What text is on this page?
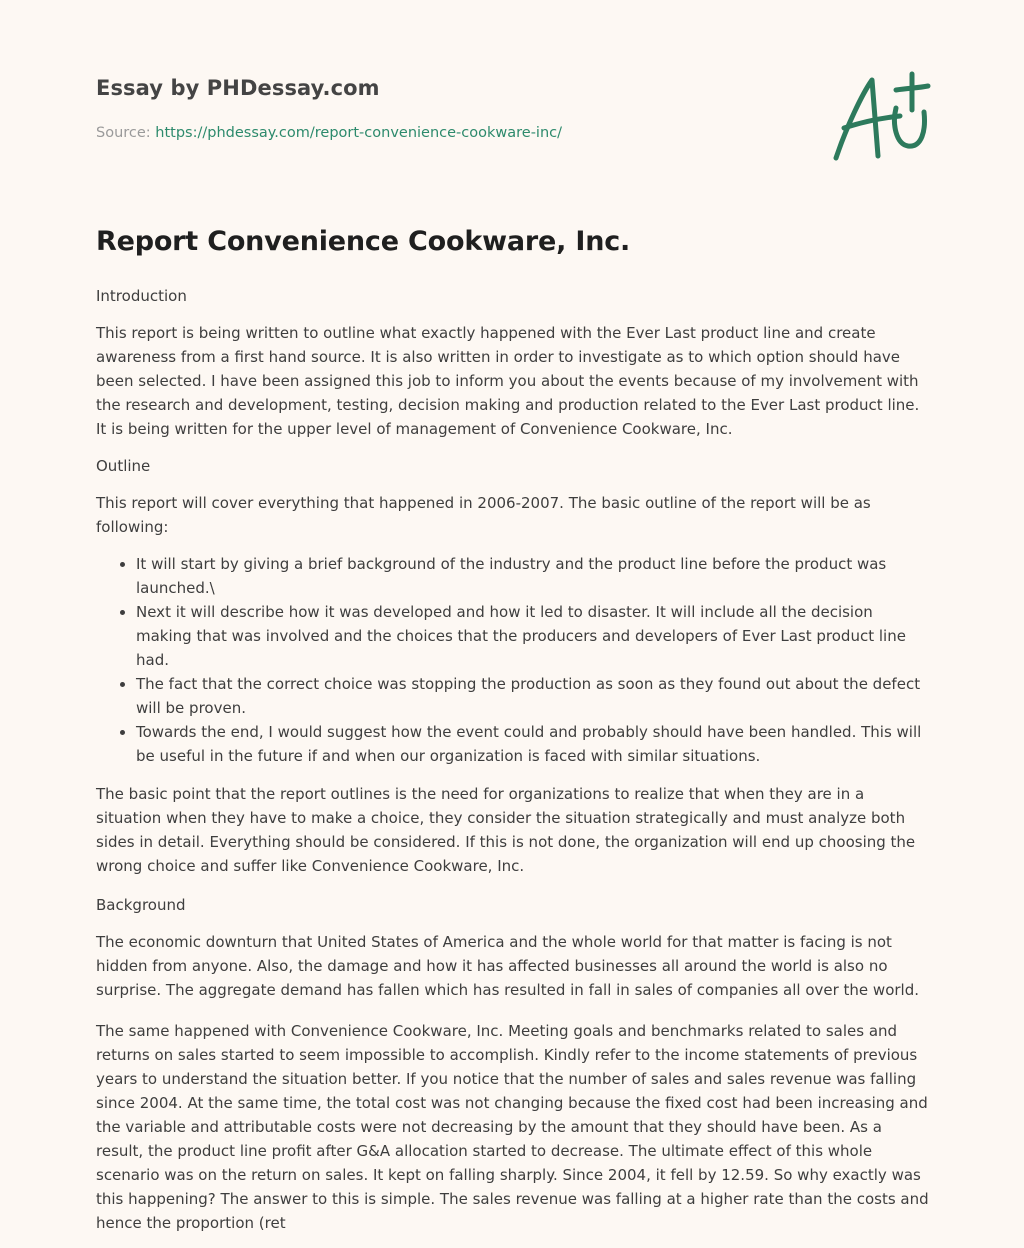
Essay by PHDessay.com
Source: https://phdessay.com/report-convenience-cookware-inc/
Report Convenience Cookware, Inc.

Introduction

This report is being written to outline what exactly happened with the Ever Last product line and create awareness from a first hand source. It is also written in order to investigate as to which option should have been selected. I have been assigned this job to inform you about the events because of my involvement with the research and development, testing, decision making and production related to the Ever Last product line. It is being written for the upper level of management of Convenience Cookware, Inc.

Outline

This report will cover everything that happened in 2006-2007. The basic outline of the report will be as following:

• It will start by giving a brief background of the industry and the product line before the product was launched.\
• Next it will describe how it was developed and how it led to disaster. It will include all the decision making that was involved and the choices that the producers and developers of Ever Last product line had.
• The fact that the correct choice was stopping the production as soon as they found out about the defect will be proven.
• Towards the end, I would suggest how the event could and probably should have been handled. This will be useful in the future if and when our organization is faced with similar situations.

The basic point that the report outlines is the need for organizations to realize that when they are in a situation when they have to make a choice, they consider the situation strategically and must analyze both sides in detail. Everything should be considered. If this is not done, the organization will end up choosing the wrong choice and suffer like Convenience Cookware, Inc.

Background

The economic downturn that United States of America and the whole world for that matter is facing is not hidden from anyone. Also, the damage and how it has affected businesses all around the world is also no surprise. The aggregate demand has fallen which has resulted in fall in sales of companies all over the world.

The same happened with Convenience Cookware, Inc. Meeting goals and benchmarks related to sales and returns on sales started to seem impossible to accomplish. Kindly refer to the income statements of previous years to understand the situation better. If you notice that the number of sales and sales revenue was falling since 2004. At the same time, the total cost was not changing because the fixed cost had been increasing and the variable and attributable costs were not decreasing by the amount that they should have been. As a result, the product line profit after G&A allocation started to decrease. The ultimate effect of this whole scenario was on the return on sales. It kept on falling sharply. Since 2004, it fell by 12.59. So why exactly was this happening? The answer to this is simple. The sales revenue was falling at a higher rate than the costs and hence the proportion (ret
